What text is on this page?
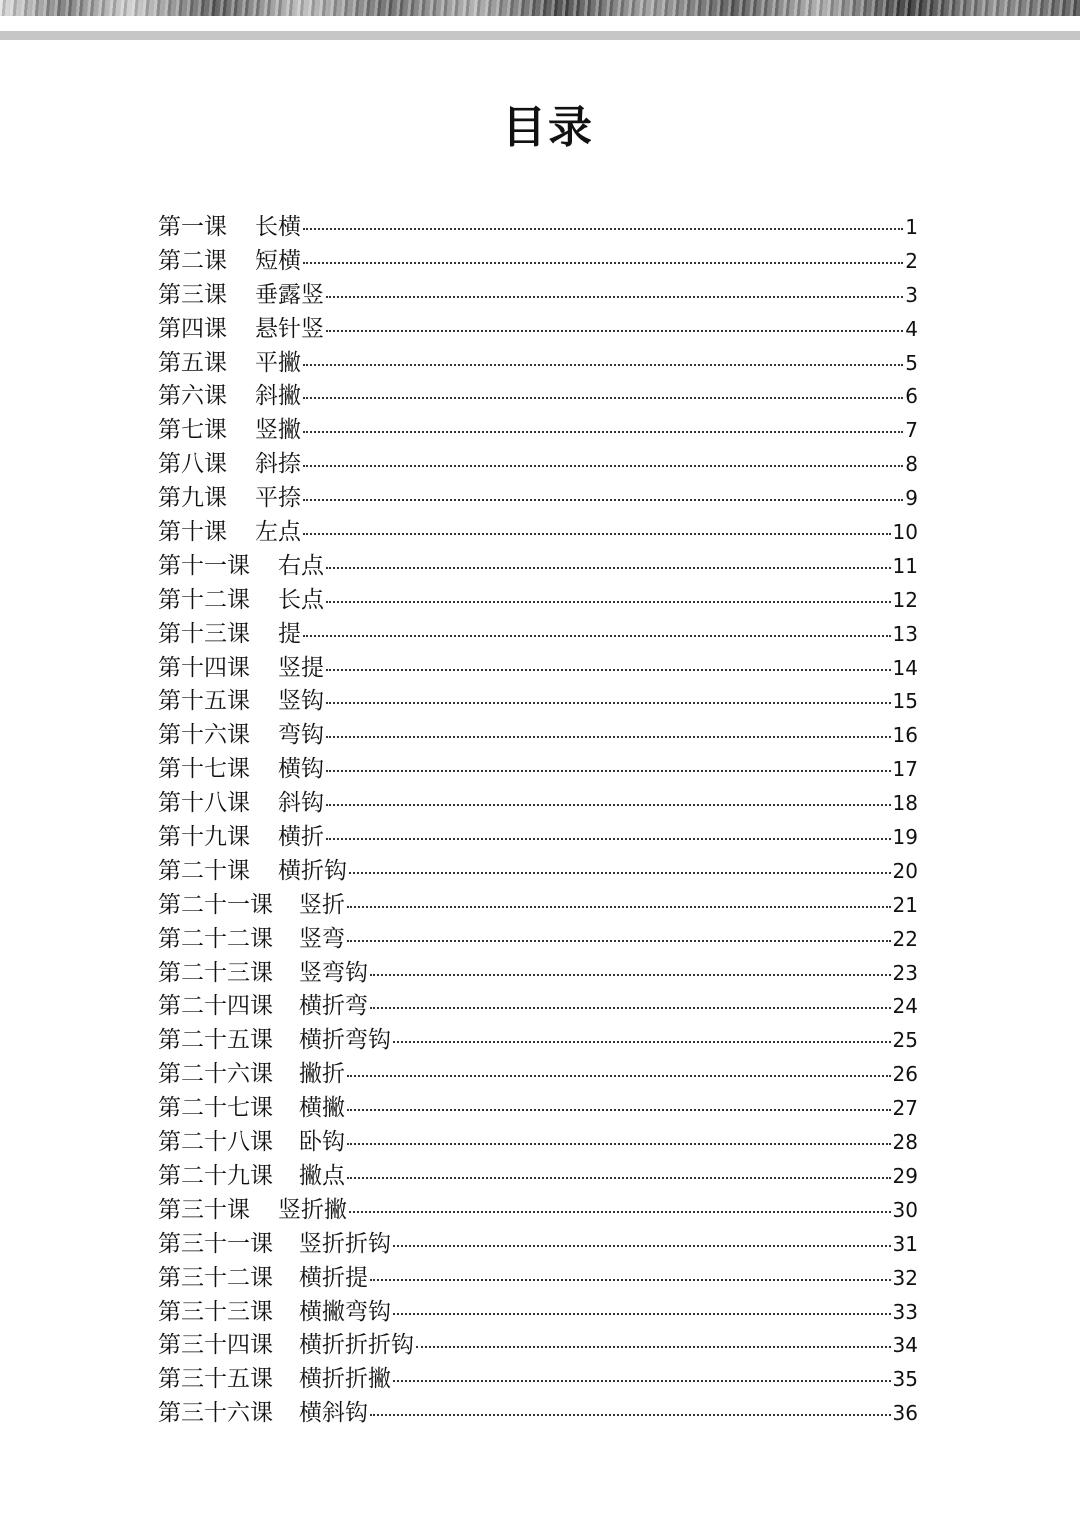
目录
第一课 长横	1
第二课 短横	2
第三课 垂露竖	3
第四课 悬针竖	4
第五课 平撇	5
第六课 斜撇	6
第七课 竖撇	7
第八课 斜捺	8
第九课 平捺	9
第十课 左点	10
第十一课 右点	11
第十二课 长点	12
第十三课 提	13
第十四课 竖提	14
第十五课 竖钩	15
第十六课 弯钩	16
第十七课 横钩	17
第十八课 斜钩	18
第十九课 横折	19
第二十课 横折钩	20
第二十一课 竖折	21
第二十二课 竖弯	22
第二十三课 竖弯钩	23
第二十四课 横折弯	24
第二十五课 横折弯钩	25
第二十六课 撇折	26
第二十七课 横撇	27
第二十八课 卧钩	28
第二十九课 撇点	29
第三十课 竖折撇	30
第三十一课 竖折折钩	31
第三十二课 横折提	32
第三十三课 横撇弯钩	33
第三十四课 横折折折钩	34
第三十五课 横折折撇	35
第三十六课 横斜钩	36
